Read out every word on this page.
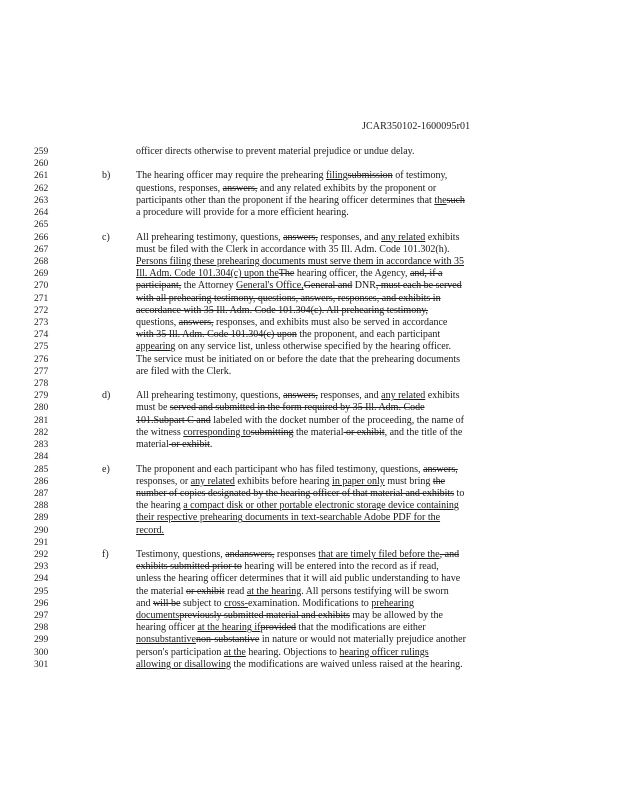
JCAR350102-1600095r01
259	officer directs otherwise to prevent material prejudice or undue delay.
260
261	b)	The hearing officer may require the prehearing filingsubmission of testimony,
262	questions, responses, answers, and any related exhibits by the proponent or
263	participants other than the proponent if the hearing officer determines that thesuch
264	a procedure will provide for a more efficient hearing.
265
266	c)	All prehearing testimony, questions, answers, responses, and any related exhibits
267	must be filed with the Clerk in accordance with 35 Ill. Adm. Code 101.302(h).
268	Persons filing these prehearing documents must serve them in accordance with 35
269	Ill. Adm. Code 101.304(c) upon theThe hearing officer, the Agency, and, if a
270	participant, the Attorney General's Office,General and DNR, must each be served
271	with all prehearing testimony, questions, answers, responses, and exhibits in
272	accordance with 35 Ill. Adm. Code 101.304(c). All prehearing testimony,
273	questions, answers, responses, and exhibits must also be served in accordance
274	with 35 Ill. Adm. Code 101.304(c) upon the proponent, and each participant
275	appearing on any service list, unless otherwise specified by the hearing officer.
276	The service must be initiated on or before the date that the prehearing documents
277	are filed with the Clerk.
278
279	d)	All prehearing testimony, questions, answers, responses, and any related exhibits
280	must be served and submitted in the form required by 35 Ill. Adm. Code
281	101.Subpart C and labeled with the docket number of the proceeding, the name of
282	the witness corresponding tosubmitting the material or exhibit, and the title of the
283	material or exhibit.
284
285	e)	The proponent and each participant who has filed testimony, questions, answers,
286	responses, or any related exhibits before hearing in paper only must bring the
287	number of copies designated by the hearing officer of that material and exhibits to
288	the hearing a compact disk or other portable electronic storage device containing
289	their respective prehearing documents in text-searchable Adobe PDF for the
290	record.
291
292	f)	Testimony, questions, andanswers, responses that are timely filed before the, and
293	exhibits submitted prior to hearing will be entered into the record as if read,
294	unless the hearing officer determines that it will aid public understanding to have
295	the material or exhibit read at the hearing. All persons testifying will be sworn
296	and will be subject to cross-examination. Modifications to prehearing
297	documentspreviously submitted material and exhibits may be allowed by the
298	hearing officer at the hearing ifprovided that the modifications are either
299	nonsubstantivenon-substantive in nature or would not materially prejudice another
300	person's participation at the hearing. Objections to hearing officer rulings
301	allowing or disallowing the modifications are waived unless raised at the hearing.
